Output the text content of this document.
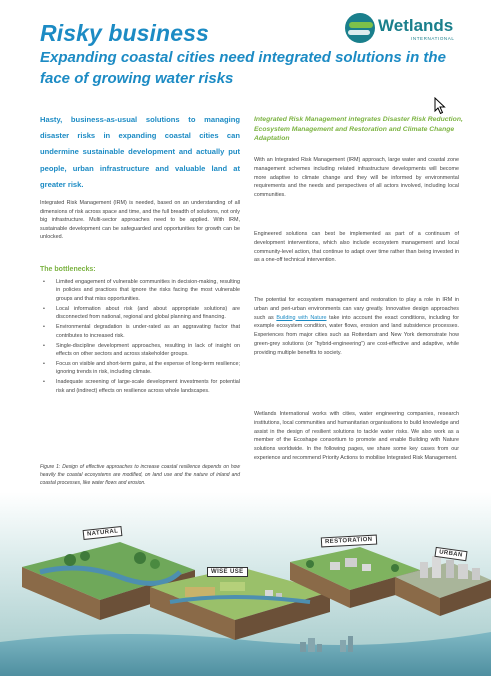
Risky business
Expanding coastal cities need integrated solutions in the face of growing water risks
Wetlands
INTERNATIONAL
Hasty, business-as-usual solutions to managing disaster risks in expanding coastal cities can undermine sustainable development and actually put people, urban infrastructure and valuable land at greater risk.
Integrated Risk Management (IRM) is needed, based on an understanding of all dimensions of risk across space and time, and the full breadth of solutions, not only big infrastructure. Multi-sector approaches need to be applied. With IRM, sustainable development can be safeguarded and opportunities for growth can be unlocked.
The bottlenecks:
• Limited engagement of vulnerable communities in decision-making, resulting in policies and practices that ignore the risks facing the most vulnerable groups and that miss opportunities.
• Local information about risk (and about appropriate solutions) are disconnected from national, regional and global planning and financing.
• Environmental degradation is under-rated as an aggravating factor that contributes to increased risk.
• Single-discipline development approaches, resulting in lack of insight on effects on other sectors and across stakeholder groups.
• Focus on visible and short-term gains, at the expense of long-term resilience; ignoring trends in risk, including climate.
• Inadequate screening of large-scale development investments for potential risk and (indirect) effects on resilience across whole landscapes.
Figure 1: Design of effective approaches to increase coastal resilience depends on how heavily the coastal ecosystems are modified, on land use and the nature of inland and coastal processes, like water flows and erosion.
Integrated Risk Management integrates Disaster Risk Reduction, Ecosystem Management and Restoration and Climate Change Adaptation
With an Integrated Risk Management (IRM) approach, large water and coastal zone management schemes including related infrastructure developments will become more adaptive to climate change and they will be informed by environmental requirements and the needs and perspectives of all actors involved, including local communities.
Engineered solutions can best be implemented as part of a continuum of development interventions, which also include ecosystem management and local community-level action, that continue to adapt over time rather than being invested in as a one-off technical intervention.
The potential for ecosystem management and restoration to play a role in IRM in urban and peri-urban environments can vary greatly. Innovative design approaches such as Building with Nature take into account the exact conditions, including for example ecosystem condition, water flows, erosion and land subsidence processes. Experiences from major cities such as Rotterdam and New York demonstrate how green-grey solutions (or “hybrid-engineering”) are cost-effective and adaptive, while providing multiple benefits to society.
Wetlands International works with cities, water engineering companies, research institutions, local communities and humanitarian organisations to build knowledge and assist in the design of resilient solutions to tackle water risks. We also work as a member of the Ecoshape consortium to promote and enable Building with Nature solutions worldwide. In the following pages, we share some key cases from our experience and recommend Priority Actions to mobilise Integrated Risk Management.
NATURAL
WISE USE
RESTORATION
URBAN
